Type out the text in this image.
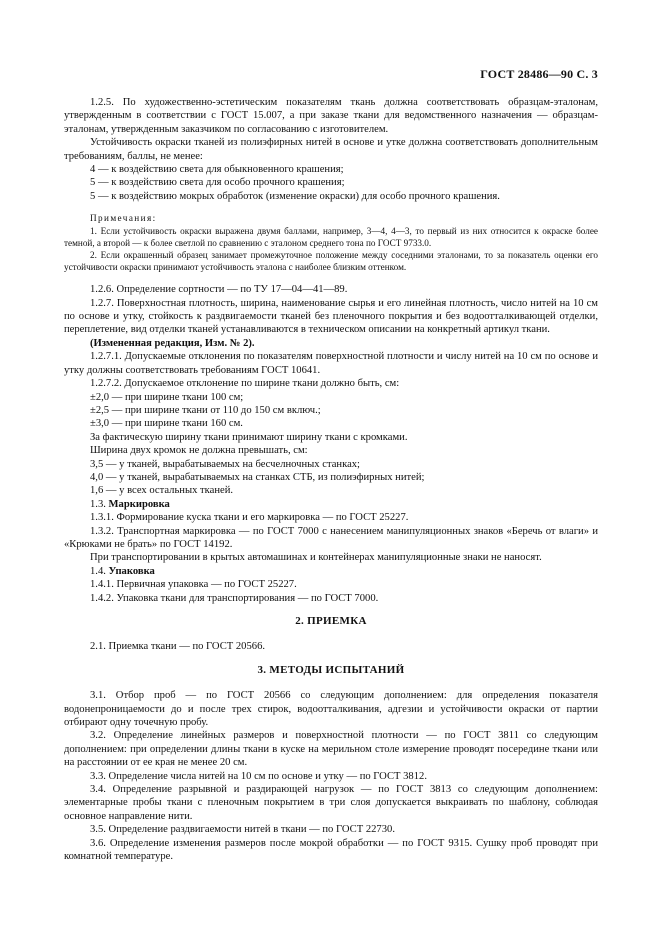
ГОСТ 28486—90 С. 3

1.2.5. По художественно-эстетическим показателям ткань должна соответствовать образцам-эталонам, утвержденным в соответствии с ГОСТ 15.007, а при заказе ткани для ведомственного назначения — образцам-эталонам, утвержденным заказчиком по согласованию с изготовителем.

Устойчивость окраски тканей из полиэфирных нитей в основе и утке должна соответствовать дополнительным требованиям, баллы, не менее:

4 — к воздействию света для обыкновенного крашения;

5 — к воздействию света для особо прочного крашения;

5 — к воздействию мокрых обработок (изменение окраски) для особо прочного крашения.

Примечания:

1. Если устойчивость окраски выражена двумя баллами, например, 3—4, 4—3, то первый из них относится к окраске более темной, а второй — к более светлой по сравнению с эталоном среднего тона по ГОСТ 9733.0.

2. Если окрашенный образец занимает промежуточное положение между соседними эталонами, то за показатель оценки его устойчивости окраски принимают устойчивость эталона с наиболее близким оттенком.

1.2.6. Определение сортности — по ТУ 17—04—41—89.

1.2.7. Поверхностная плотность, ширина, наименование сырья и его линейная плотность, число нитей на 10 см по основе и утку, стойкость к раздвигаемости тканей без пленочного покрытия и без водоотталкивающей отделки, переплетение, вид отделки тканей устанавливаются в техническом описании на конкретный артикул ткани.

(Измененная редакция, Изм. № 2).

1.2.7.1. Допускаемые отклонения по показателям поверхностной плотности и числу нитей на 10 см по основе и утку должны соответствовать требованиям ГОСТ 10641.

1.2.7.2. Допускаемое отклонение по ширине ткани должно быть, см:

±2,0 — при ширине ткани 100 см;

±2,5 — при ширине ткани от 110 до 150 см включ.;

±3,0 — при ширине ткани 160 см.

За фактическую ширину ткани принимают ширину ткани с кромками.

Ширина двух кромок не должна превышать, см:

3,5 — у тканей, вырабатываемых на бесчелночных станках;

4,0 — у тканей, вырабатываемых на станках СТБ, из полиэфирных нитей;

1,6 — у всех остальных тканей.

1.3. Маркировка

1.3.1. Формирование куска ткани и его маркировка — по ГОСТ 25227.

1.3.2. Транспортная маркировка — по ГОСТ 7000 с нанесением манипуляционных знаков «Беречь от влаги» и «Крюками не брать» по ГОСТ 14192.

При транспортировании в крытых автомашинах и контейнерах манипуляционные знаки не наносят.

1.4. Упаковка

1.4.1. Первичная упаковка — по ГОСТ 25227.

1.4.2. Упаковка ткани для транспортирования — по ГОСТ 7000.

2. ПРИЕМКА

2.1. Приемка ткани — по ГОСТ 20566.

3. МЕТОДЫ ИСПЫТАНИЙ

3.1. Отбор проб — по ГОСТ 20566 со следующим дополнением: для определения показателя водонепроницаемости до и после трех стирок, водоотталкивания, адгезии и устойчивости окраски от партии отбирают одну точечную пробу.

3.2. Определение линейных размеров и поверхностной плотности — по ГОСТ 3811 со следующим дополнением: при определении длины ткани в куске на мерильном столе измерение проводят посередине ткани или на расстоянии от ее края не менее 20 см.

3.3. Определение числа нитей на 10 см по основе и утку — по ГОСТ 3812.

3.4. Определение разрывной и раздирающей нагрузок — по ГОСТ 3813 со следующим дополнением: элементарные пробы ткани с пленочным покрытием в три слоя допускается выкраивать по шаблону, соблюдая основное направление нити.

3.5. Определение раздвигаемости нитей в ткани — по ГОСТ 22730.

3.6. Определение изменения размеров после мокрой обработки — по ГОСТ 9315. Сушку проб проводят при комнатной температуре.
